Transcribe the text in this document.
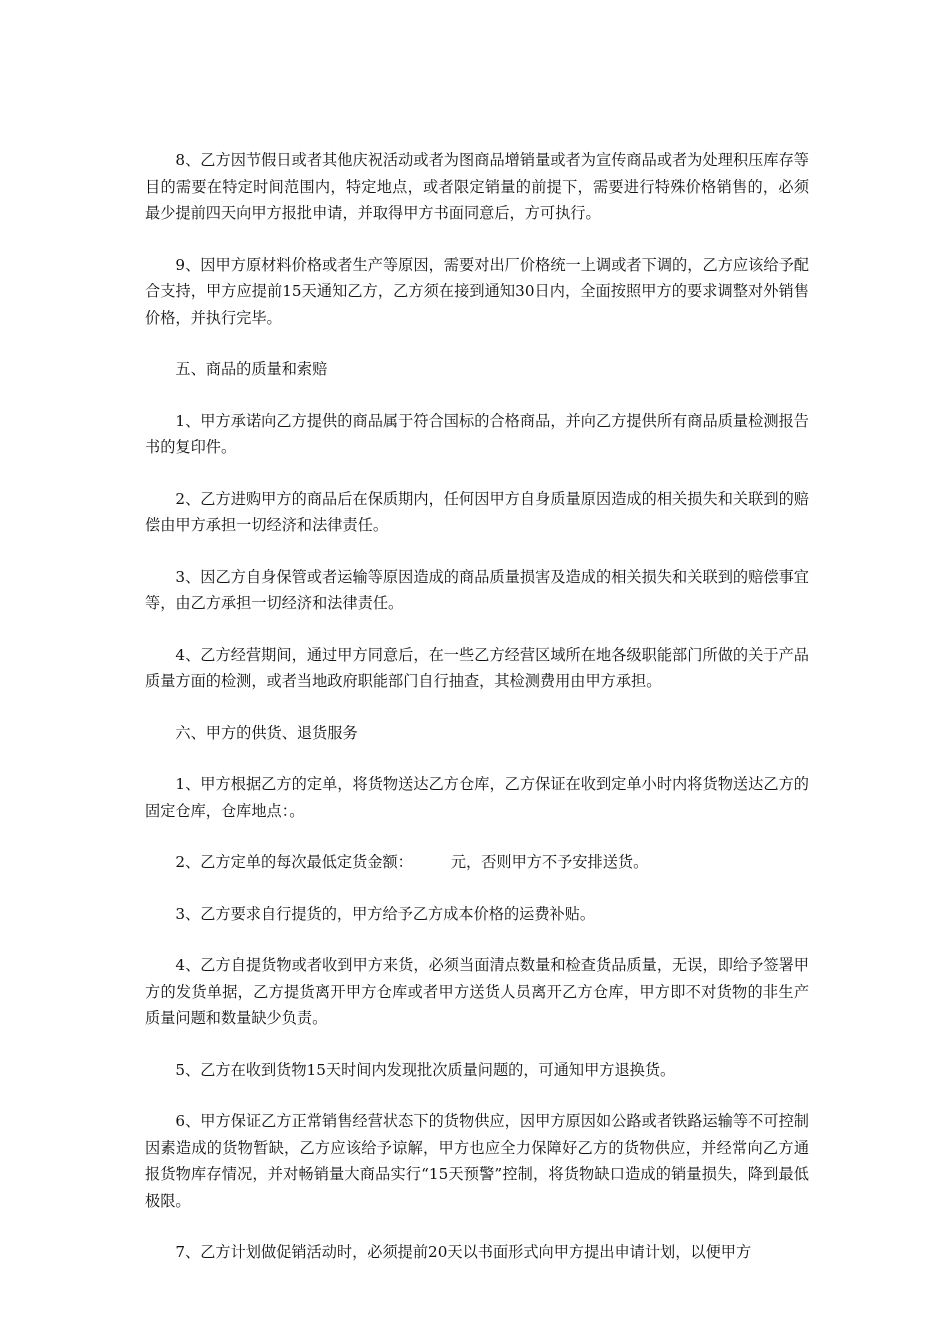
8、乙方因节假日或者其他庆祝活动或者为图商品增销量或者为宣传商品或者为处理积压库存等目的需要在特定时间范围内，特定地点，或者限定销量的前提下，需要进行特殊价格销售的，必须最少提前四天向甲方报批申请，并取得甲方书面同意后，方可执行。

9、因甲方原材料价格或者生产等原因，需要对出厂价格统一上调或者下调的，乙方应该给予配合支持，甲方应提前15天通知乙方，乙方须在接到通知30日内，全面按照甲方的要求调整对外销售价格，并执行完毕。

五、商品的质量和索赔

1、甲方承诺向乙方提供的商品属于符合国标的合格商品，并向乙方提供所有商品质量检测报告书的复印件。

2、乙方进购甲方的商品后在保质期内，任何因甲方自身质量原因造成的相关损失和关联到的赔偿由甲方承担一切经济和法律责任。

3、因乙方自身保管或者运输等原因造成的商品质量损害及造成的相关损失和关联到的赔偿事宜等，由乙方承担一切经济和法律责任。

4、乙方经营期间，通过甲方同意后，在一些乙方经营区域所在地各级职能部门所做的关于产品质量方面的检测，或者当地政府职能部门自行抽查，其检测费用由甲方承担。

六、甲方的供货、退货服务

1、甲方根据乙方的定单，将货物送达乙方仓库，乙方保证在收到定单小时内将货物送达乙方的固定仓库，仓库地点：。

2、乙方定单的每次最低定货金额：　　　元，否则甲方不予安排送货。

3、乙方要求自行提货的，甲方给予乙方成本价格的运费补贴。

4、乙方自提货物或者收到甲方来货，必须当面清点数量和检查货品质量，无误，即给予签署甲方的发货单据，乙方提货离开甲方仓库或者甲方送货人员离开乙方仓库，甲方即不对货物的非生产质量问题和数量缺少负责。

5、乙方在收到货物15天时间内发现批次质量问题的，可通知甲方退换货。

6、甲方保证乙方正常销售经营状态下的货物供应，因甲方原因如公路或者铁路运输等不可控制因素造成的货物暂缺，乙方应该给予谅解，甲方也应全力保障好乙方的货物供应，并经常向乙方通报货物库存情况，并对畅销量大商品实行“15天预警”控制，将货物缺口造成的销量损失，降到最低极限。

7、乙方计划做促销活动时，必须提前20天以书面形式向甲方提出申请计划，以便甲方
